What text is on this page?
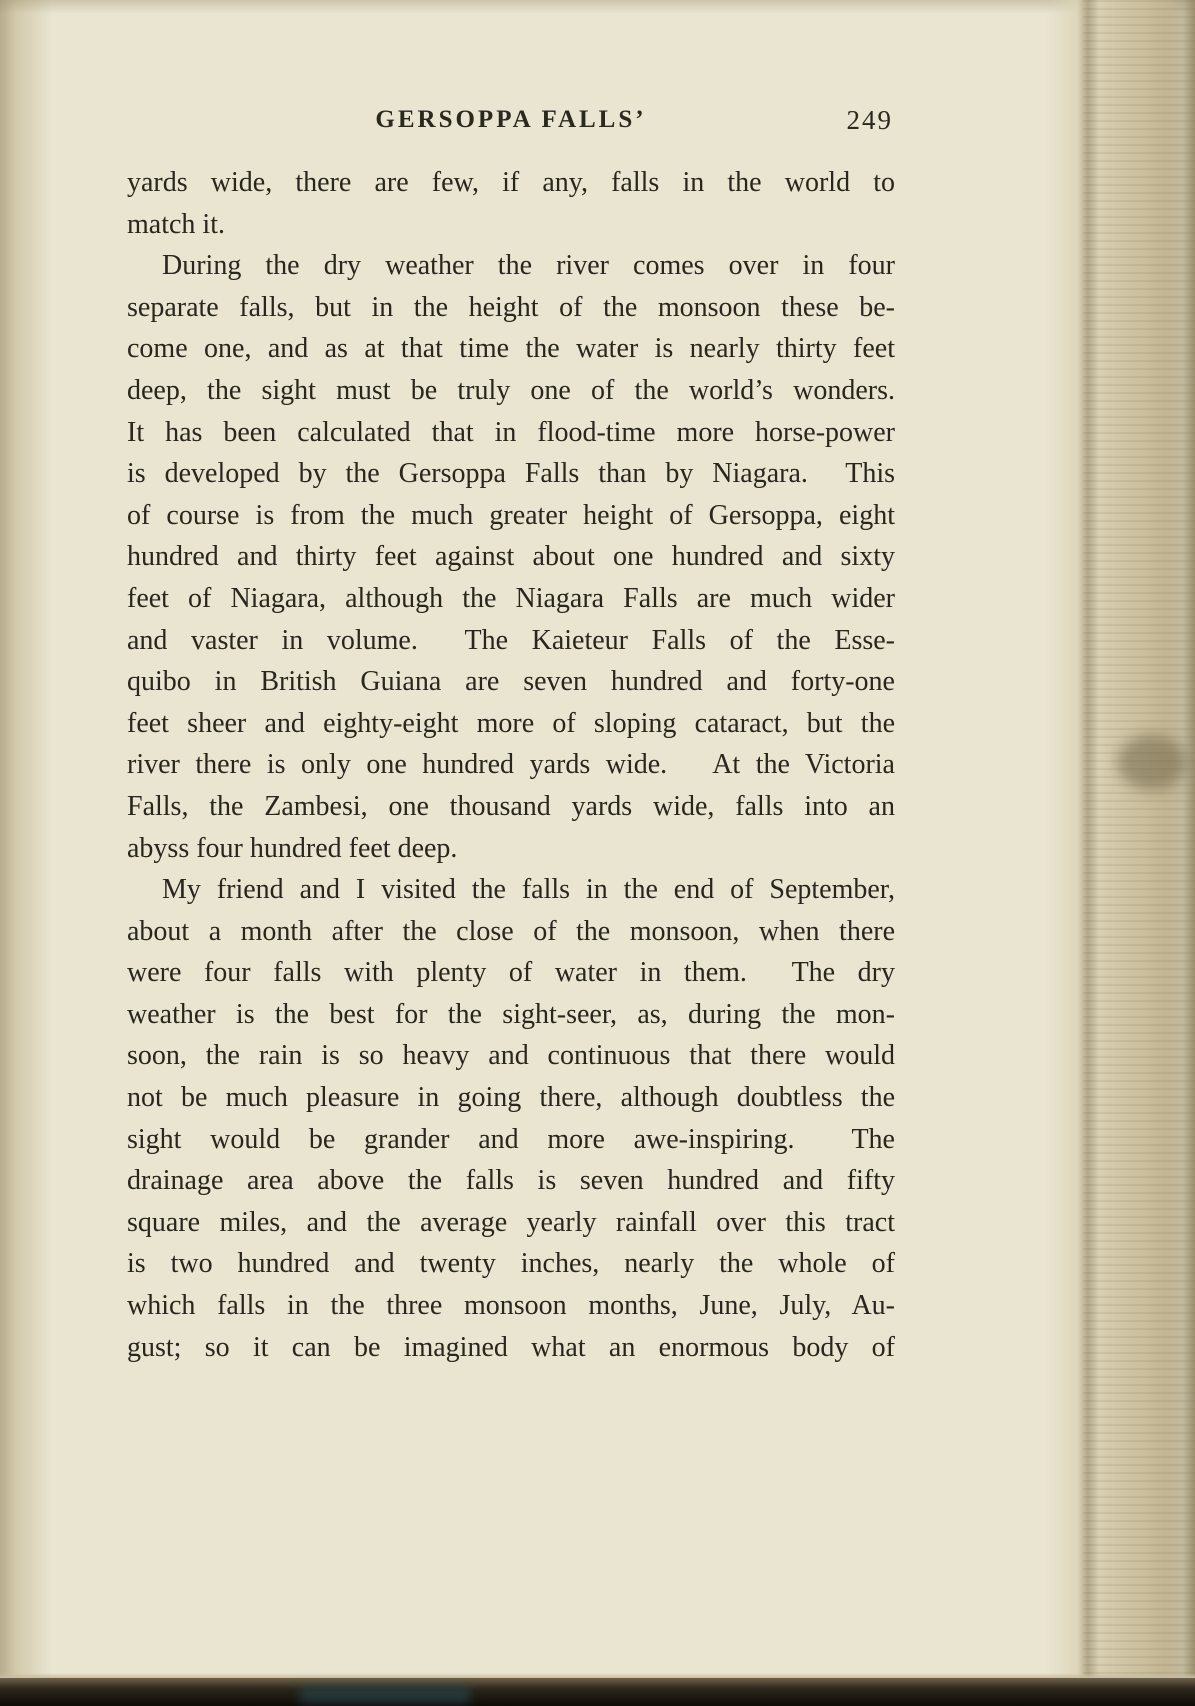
GERSOPPA FALLS’	249
yards wide, there are few, if any, falls in the world to
match it.
During the dry weather the river comes over in four
separate falls, but in the height of the monsoon these be-
come one, and as at that time the water is nearly thirty feet
deep, the sight must be truly one of the world’s wonders.
It has been calculated that in flood-time more horse-power
is developed by the Gersoppa Falls than by Niagara.  This
of course is from the much greater height of Gersoppa, eight
hundred and thirty feet against about one hundred and sixty
feet of Niagara, although the Niagara Falls are much wider
and vaster in volume.  The Kaieteur Falls of the Esse-
quibo in British Guiana are seven hundred and forty-one
feet sheer and eighty-eight more of sloping cataract, but the
river there is only one hundred yards wide.   At the Victoria
Falls, the Zambesi, one thousand yards wide, falls into an
abyss four hundred feet deep.
My friend and I visited the falls in the end of September,
about a month after the close of the monsoon, when there
were four falls with plenty of water in them.  The dry
weather is the best for the sight-seer, as, during the mon-
soon, the rain is so heavy and continuous that there would
not be much pleasure in going there, although doubtless the
sight would be grander and more awe-inspiring.  The
drainage area above the falls is seven hundred and fifty
square miles, and the average yearly rainfall over this tract
is two hundred and twenty inches, nearly the whole of
which falls in the three monsoon months, June, July, Au-
gust; so it can be imagined what an enormous body of
